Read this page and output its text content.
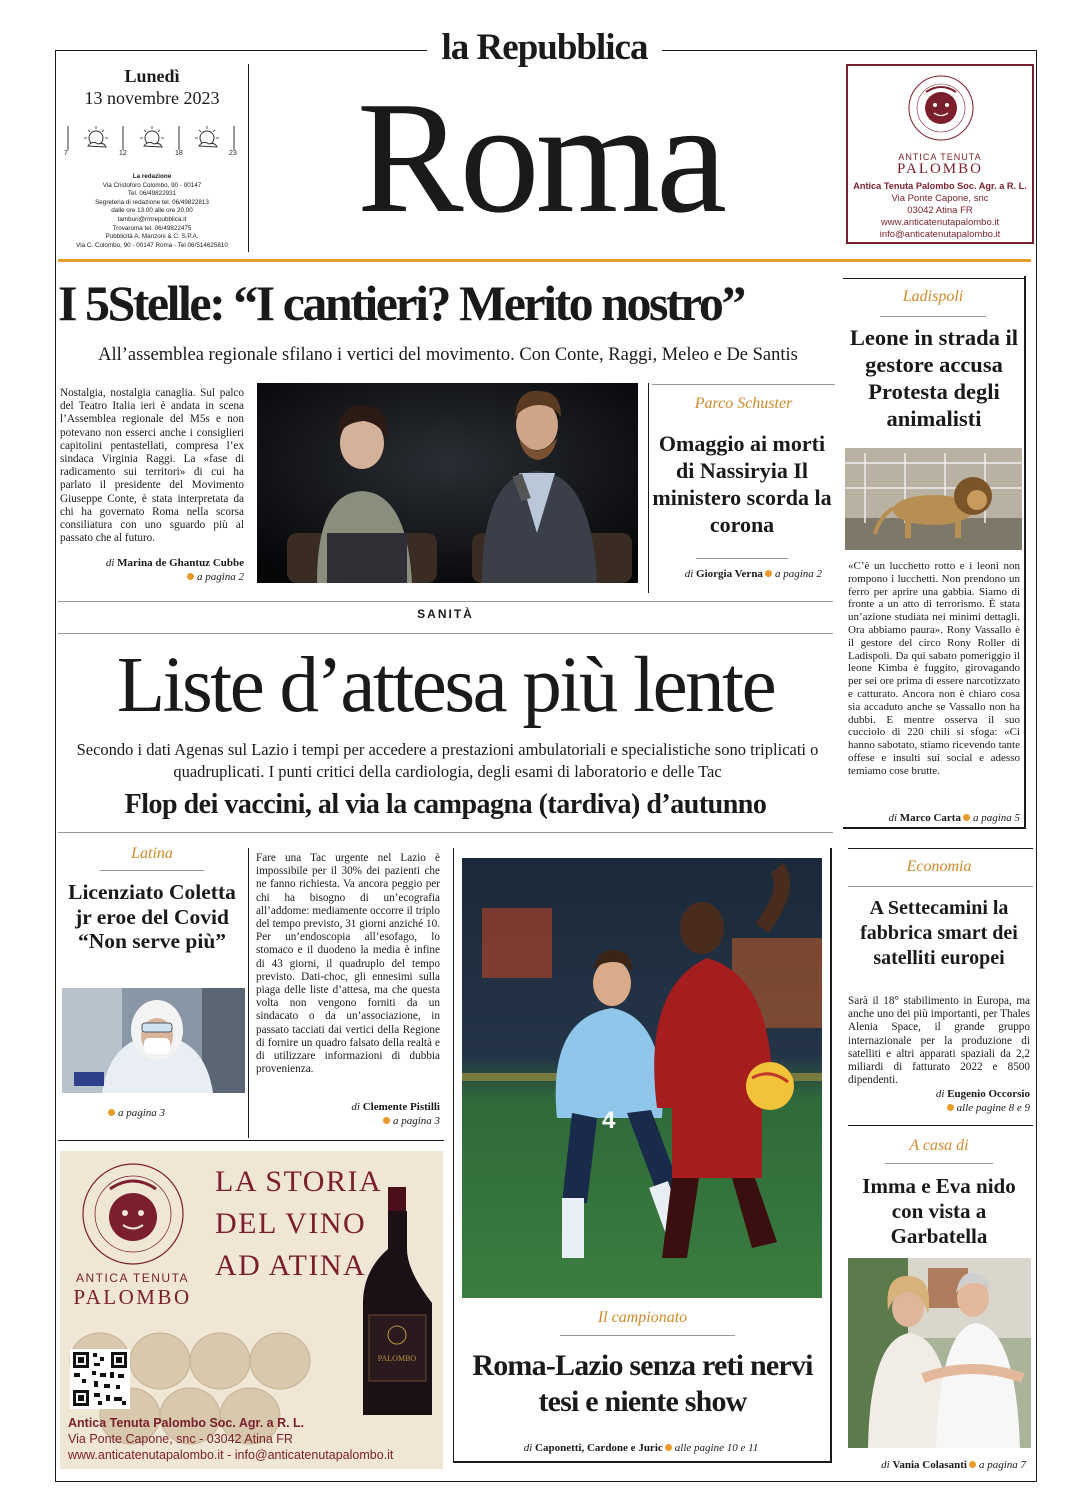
la Repubblica
Lunedì
13 novembre 2023
7	12	18	23
La redazione
Via Cristoforo Colombo, 90 - 00147
Tel. 06/49822931
Segreteria di redazione tel. 06/49822813
dalle ore 13.00 alle ore 20.00
tamburi@rmrepubblica.it
Trovaroma tel. 06/49822475
Pubblicità A. Manzoni & C. S.P.A.
Via C. Colombo, 90 - 00147 Roma - Tel 06/514625810 Roma	ANTICA TENUTA
PALOMBO
Antica Tenuta Palombo Soc. Agr. a R. L.
Via Ponte Capone, snc
03042 Atina FR
www.anticatenutapalombo.it
info@anticatenutapalombo.it
I 5Stelle: “I cantieri? Merito nostro”
All’assemblea regionale sfilano i vertici del movimento. Con Conte, Raggi, Meleo e De Santis
Nostalgia, nostalgia canaglia. Sul palco del Teatro Italia ieri è andata in scena l’Assemblea regionale del M5s e non potevano non esserci anche i consiglieri capitolini pentastellati, compresa l’ex sindaca Virginia Raggi. La «fase di radicamento sui territori» di cui ha parlato il presidente del Movimento Giuseppe Conte, è stata interpretata da chi ha governato Roma nella scorsa consiliatura con uno sguardo più al passato che al futuro.
di Marina de Ghantuz Cubbe
a pagina 2
Parco Schuster
Omaggio ai morti di Nassiryia Il ministero scorda la corona
di Giorgia Verna a pagina 2
Ladispoli
Leone in strada il gestore accusa Protesta degli animalisti
«C’è un lucchetto rotto e i leoni non rompono i lucchetti. Non prendono un ferro per aprire una gabbia. Siamo di fronte a un atto di terrorismo. È stata un’azione studiata nei minimi dettagli. Ora abbiamo paura». Rony Vassallo è il gestore del circo Rony Roller di Ladispoli. Da qui sabato pomeriggio il leone Kimba è fuggito, girovagando per sei ore prima di essere narcotizzato e catturato. Ancora non è chiaro cosa sia accaduto anche se Vassallo non ha dubbi. E mentre osserva il suo cucciolo di 220 chili si sfoga: «Ci hanno sabotato, stiamo ricevendo tante offese e insulti sui social e adesso temiamo cose brutte.
di Marco Carta a pagina 5
SANITÀ
Liste d’attesa più lente
Secondo i dati Agenas sul Lazio i tempi per accedere a prestazioni ambulatoriali e specialistiche sono triplicati o quadruplicati. I punti critici della cardiologia, degli esami di laboratorio e delle Tac
Flop dei vaccini, al via la campagna (tardiva) d’autunno
Latina
Licenziato Coletta jr eroe del Covid “Non serve più”
a pagina 3
Fare una Tac urgente nel Lazio è impossibile per il 30% dei pazienti che ne fanno richiesta. Va ancora peggio per chi ha bisogno di un’ecografia all’addome: mediamente occorre il triplo del tempo previsto, 31 giorni anziché 10. Per un’endoscopia all’esofago, lo stomaco e il duodeno la media è infine di 43 giorni, il quadruplo del tempo previsto. Dati-choc, gli ennesimi sulla piaga delle liste d’attesa, ma che questa volta non vengono forniti da un sindacato o da un’associazione, in passato tacciati dai vertici della Regione di fornire un quadro falsato della realtà e di utilizzare informazioni di dubbia provenienza.
di Clemente Pistilli
a pagina 3	4
Il campionato
Roma-Lazio senza reti nervi tesi e niente show
di Caponetti, Cardone e Juric alle pagine 10 e 11
Economia
A Settecamini la fabbrica smart dei satelliti europei
Sarà il 18° stabilimento in Europa, ma anche uno dei più importanti, per Thales Alenia Space, il grande gruppo internazionale per la produzione di satelliti e altri apparati spaziali da 2,2 miliardi di fatturato 2022 e 8500 dipendenti.
di Eugenio Occorsio
alle pagine 8 e 9
A casa di
Imma e Eva nido con vista a Garbatella
di Vania Colasanti a pagina 7
ANTICA TENUTA
PALOMBO
LA STORIA
DEL VINO
AD ATINA
PALOMBO
Antica Tenuta Palombo Soc. Agr. a R. L.
Via Ponte Capone, snc - 03042 Atina FR
www.anticatenutapalombo.it - info@anticatenutapalombo.it
